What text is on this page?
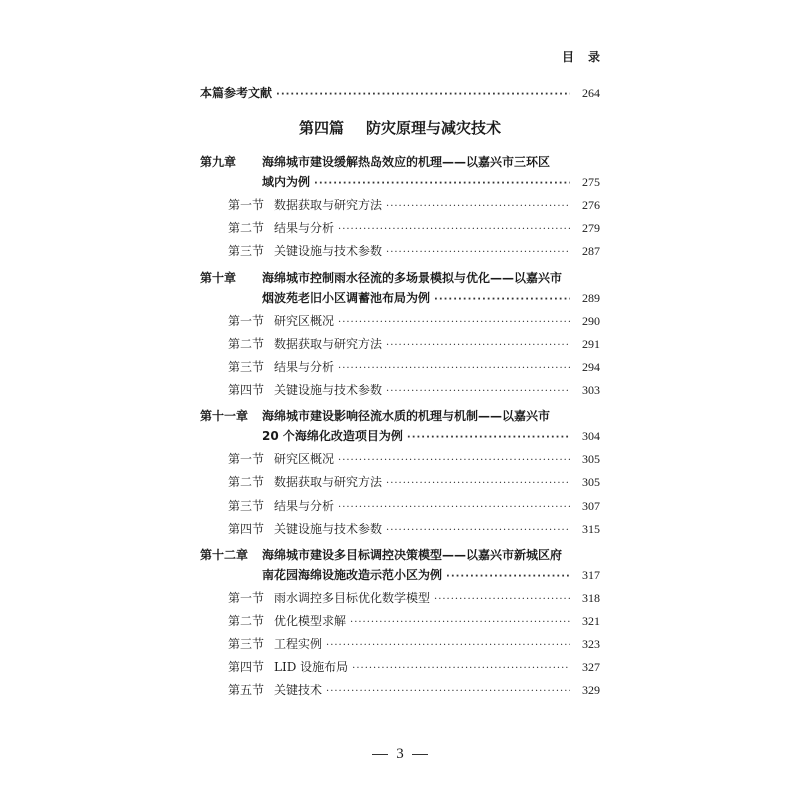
目录
本篇参考文献 ·····	264
第四篇 防灾原理与减灾技术
第九章 海绵城市建设缓解热岛效应的机理——以嘉兴市三环区
域内为例 ·····	275
第一节 数据获取与研究方法 ·····	276
第二节 结果与分析 ·····	279
第三节 关键设施与技术参数 ·····	287
第十章 海绵城市控制雨水径流的多场景模拟与优化——以嘉兴市
烟波苑老旧小区调蓄池布局为例 ·····	289
第一节 研究区概况 ·····	290
第二节 数据获取与研究方法 ·····	291
第三节 结果与分析 ·····	294
第四节 关键设施与技术参数 ·····	303
第十一章 海绵城市建设影响径流水质的机理与机制——以嘉兴市
20 个海绵化改造项目为例 ·····	304
第一节 研究区概况 ·····	305
第二节 数据获取与研究方法 ·····	305
第三节 结果与分析 ·····	307
第四节 关键设施与技术参数 ·····	315
第十二章 海绵城市建设多目标调控决策模型——以嘉兴市新城区府
南花园海绵设施改造示范小区为例 ·····	317
第一节 雨水调控多目标优化数学模型 ·····	318
第二节 优化模型求解 ·····	321
第三节 工程实例 ·····	323
第四节 LID 设施布局 ·····	327
第五节 关键技术 ·····	329
3
